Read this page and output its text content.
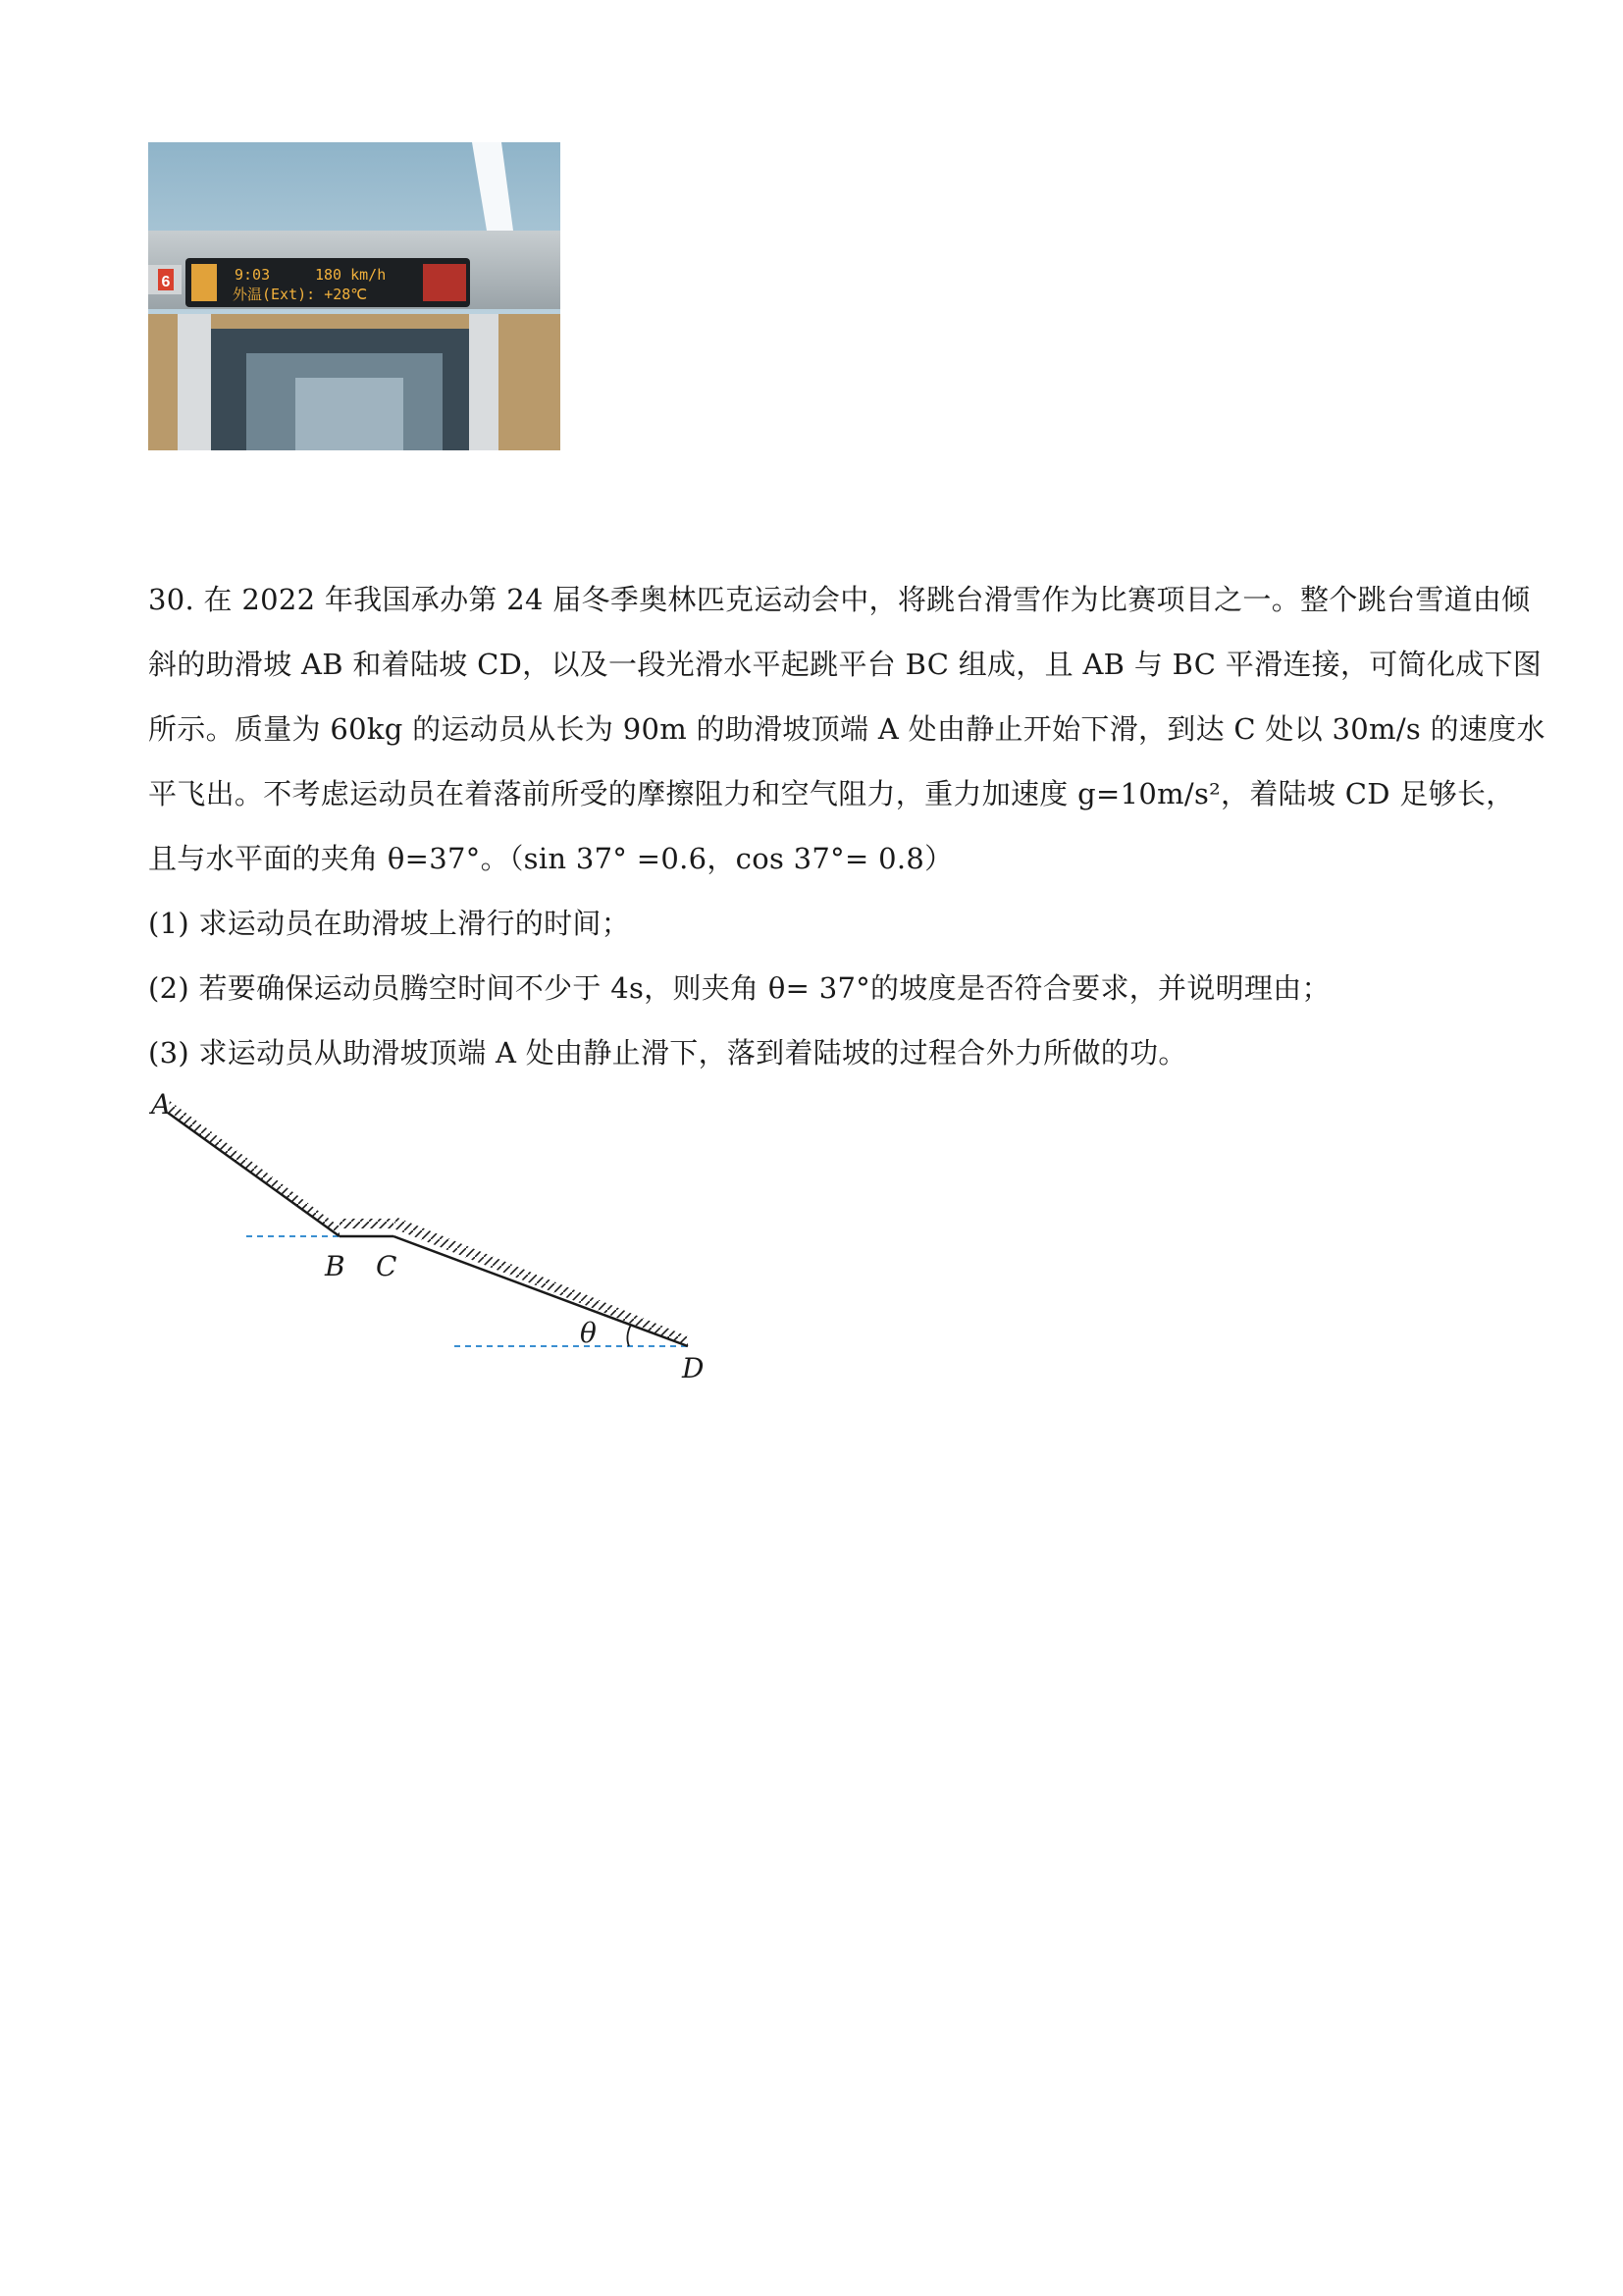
6	9:03	180 km/h
外温(Ext): +28℃
30. 在 2022 年我国承办第 24 届冬季奥林匹克运动会中，将跳台滑雪作为比赛项目之一。整个跳台雪道由倾
斜的助滑坡 AB 和着陆坡 CD，以及一段光滑水平起跳平台 BC 组成，且 AB 与 BC 平滑连接，可简化成下图
所示。质量为 60kg 的运动员从长为 90m 的助滑坡顶端 A 处由静止开始下滑，到达 C 处以 30m/s 的速度水
平飞出。不考虑运动员在着落前所受的摩擦阻力和空气阻力，重力加速度 g=10m/s²，着陆坡 CD 足够长，
且与水平面的夹角 θ=37°。（sin 37° =0.6，cos 37°= 0.8）
(1) 求运动员在助滑坡上滑行的时间；
(2) 若要确保运动员腾空时间不少于 4s，则夹角 θ= 37°的坡度是否符合要求，并说明理由；
(3) 求运动员从助滑坡顶端 A 处由静止滑下，落到着陆坡的过程合外力所做的功。
A
B C
D
θ
